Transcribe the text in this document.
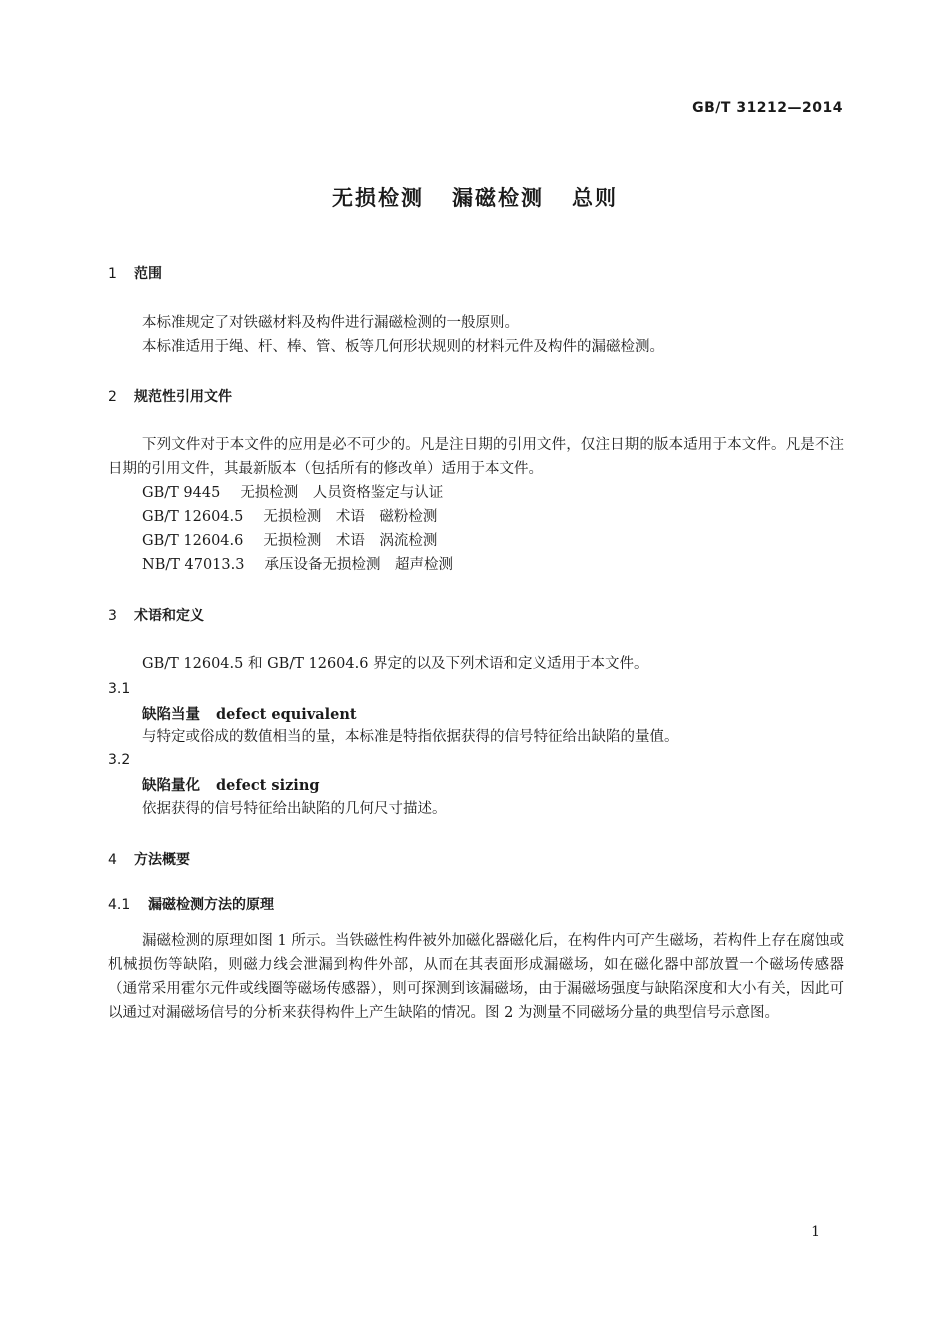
GB/T 31212—2014
无损检测 漏磁检测 总则
1 范围
本标准规定了对铁磁材料及构件进行漏磁检测的一般原则。
本标准适用于绳、杆、棒、管、板等几何形状规则的材料元件及构件的漏磁检测。
2 规范性引用文件
下列文件对于本文件的应用是必不可少的。凡是注日期的引用文件，仅注日期的版本适用于本文件。凡是不注日期的引用文件，其最新版本（包括所有的修改单）适用于本文件。
GB/T 9445 无损检测　人员资格鉴定与认证
GB/T 12604.5 无损检测　术语　磁粉检测
GB/T 12604.6 无损检测　术语　涡流检测
NB/T 47013.3 承压设备无损检测　超声检测
3 术语和定义
GB/T 12604.5 和 GB/T 12604.6 界定的以及下列术语和定义适用于本文件。
3.1
缺陷当量 defect equivalent
与特定或俗成的数值相当的量，本标准是特指依据获得的信号特征给出缺陷的量值。
3.2
缺陷量化 defect sizing
依据获得的信号特征给出缺陷的几何尺寸描述。
4 方法概要
4.1 漏磁检测方法的原理
漏磁检测的原理如图 1 所示。当铁磁性构件被外加磁化器磁化后，在构件内可产生磁场，若构件上存在腐蚀或机械损伤等缺陷，则磁力线会泄漏到构件外部，从而在其表面形成漏磁场，如在磁化器中部放置一个磁场传感器（通常采用霍尔元件或线圈等磁场传感器），则可探测到该漏磁场，由于漏磁场强度与缺陷深度和大小有关，因此可以通过对漏磁场信号的分析来获得构件上产生缺陷的情况。图 2 为测量不同磁场分量的典型信号示意图。
1
